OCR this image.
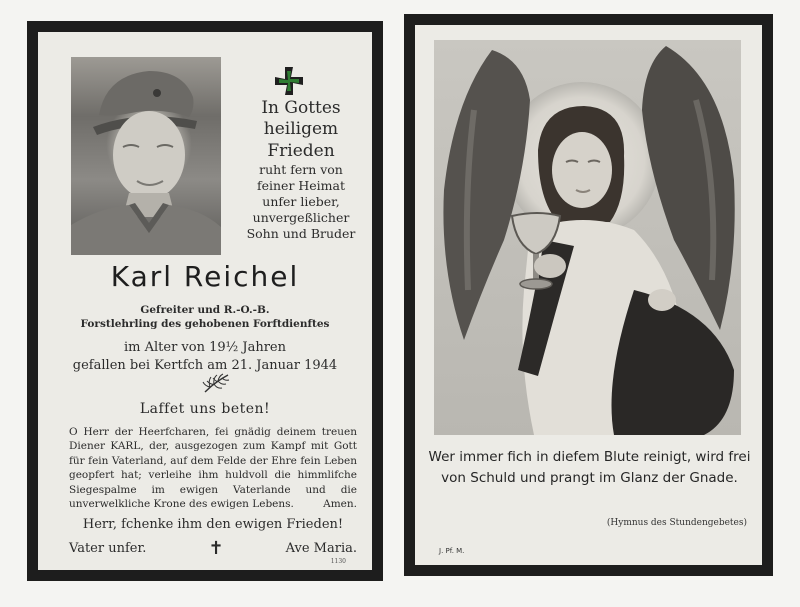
In Gottes
heiligem
Frieden
ruht fern von
feiner Heimat
unfer lieber,
unvergeßlicher
Sohn und Bruder
Karl Reichel
Gefreiter und R.-O.-B.
Forstlehrling des gehobenen Forftdienftes
im Alter von 19½ Jahren
gefallen bei Kertfch am 21. Januar 1944
Laffet uns beten!
O Herr der Heerfcharen, fei gnädig deinem treuen Diener KARL, der, ausgezogen zum Kampf mit Gott für fein Vaterland, auf dem Felde der Ehre fein Leben geopfert hat; verleihe ihm huldvoll die himmlifche Siegespalme im ewigen Vaterlande und die unverwelkliche Krone des ewigen Lebens.	Amen.
Herr, fchenke ihm den ewigen Frieden!
Vater unfer.	✝	Ave Maria.
1130
Wer immer fich in diefem Blute reinigt, wird frei von Schuld und prangt im Glanz der Gnade.
(Hymnus des Stundengebetes)
J. Pf. M.
